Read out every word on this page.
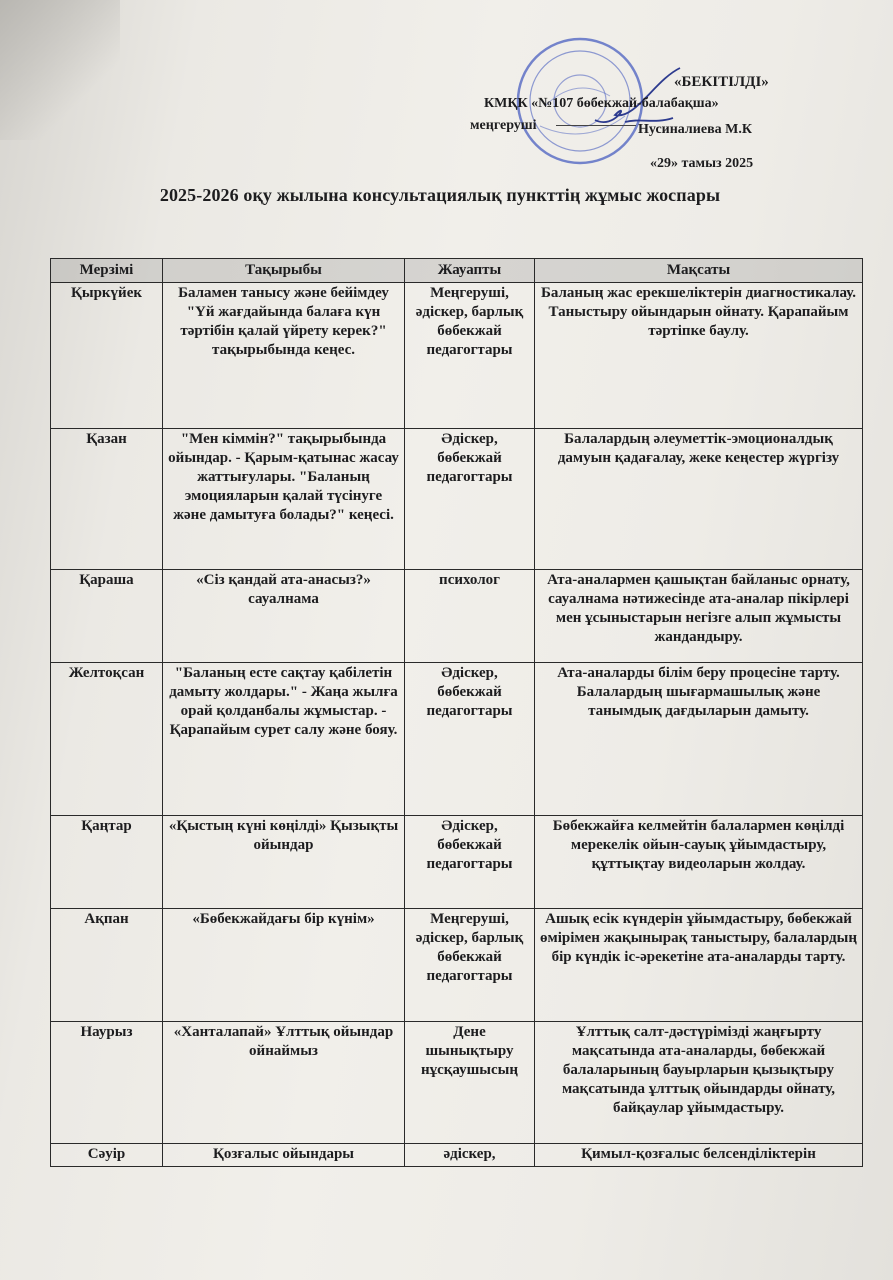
«БЕКІТІЛДІ»
КМҚК «№107 бөбекжай-балабақша»
меңгеруші	Нусиналиева М.К
«29» тамыз 2025
2025-2026 оқу жылына консультациялық пункттің жұмыс жоспары
Мерзімі	Тақырыбы	Жауапты	Мақсаты
Қыркүйек	Баламен танысу және бейімдеу "Үй жағдайында балаға күн тәртібін қалай үйрету керек?" тақырыбында кеңес.	Меңгеруші, әдіскер, барлық бөбекжай педагогтары	Баланың жас ерекшеліктерін диагностикалау. Таныстыру ойындарын ойнату. Қарапайым тәртіпке баулу.
Қазан	"Мен кіммін?" тақырыбында ойындар. - Қарым-қатынас жасау жаттығулары. "Баланың эмоцияларын қалай түсінуге және дамытуға болады?" кеңесі.	Әдіскер, бөбекжай педагогтары	Балалардың әлеуметтік-эмоционалдық дамуын қадағалау, жеке кеңестер жүргізу
Қараша	«Сіз қандай ата-анасыз?» сауалнама	психолог	Ата-аналармен қашықтан байланыс орнату, сауалнама нәтижесінде ата-аналар пікірлері мен ұсыныстарын негізге алып жұмысты жандандыру.
Желтоқсан	"Баланың есте сақтау қабілетін дамыту жолдары." - Жаңа жылға орай қолданбалы жұмыстар. - Қарапайым сурет салу және бояу.	Әдіскер, бөбекжай педагогтары	Ата-аналарды білім беру процесіне тарту. Балалардың шығармашылық және танымдық дағдыларын дамыту.
Қаңтар	«Қыстың күні көңілді» Қызықты ойындар	Әдіскер, бөбекжай педагогтары	Бөбекжайға келмейтін балалармен көңілді мерекелік ойын-сауық ұйымдастыру, құттықтау видеоларын жолдау.
Ақпан	«Бөбекжайдағы бір күнім»	Меңгеруші, әдіскер, барлық бөбекжай педагогтары	Ашық есік күндерін ұйымдастыру, бөбекжай өмірімен жақынырақ таныстыру, балалардың бір күндік іс-әрекетіне ата-аналарды тарту.
Наурыз	«Ханталапай» Ұлттық ойындар ойнаймыз	Дене шынықтыру нұсқаушысың	Ұлттық салт-дәстүрімізді жаңғырту мақсатында ата-аналарды, бөбекжай балаларының бауырларын қызықтыру мақсатында ұлттық ойындарды ойнату, байқаулар ұйымдастыру.
Сәуір	Қозғалыс ойындары	әдіскер,	Қимыл-қозғалыс белсенділіктерін
